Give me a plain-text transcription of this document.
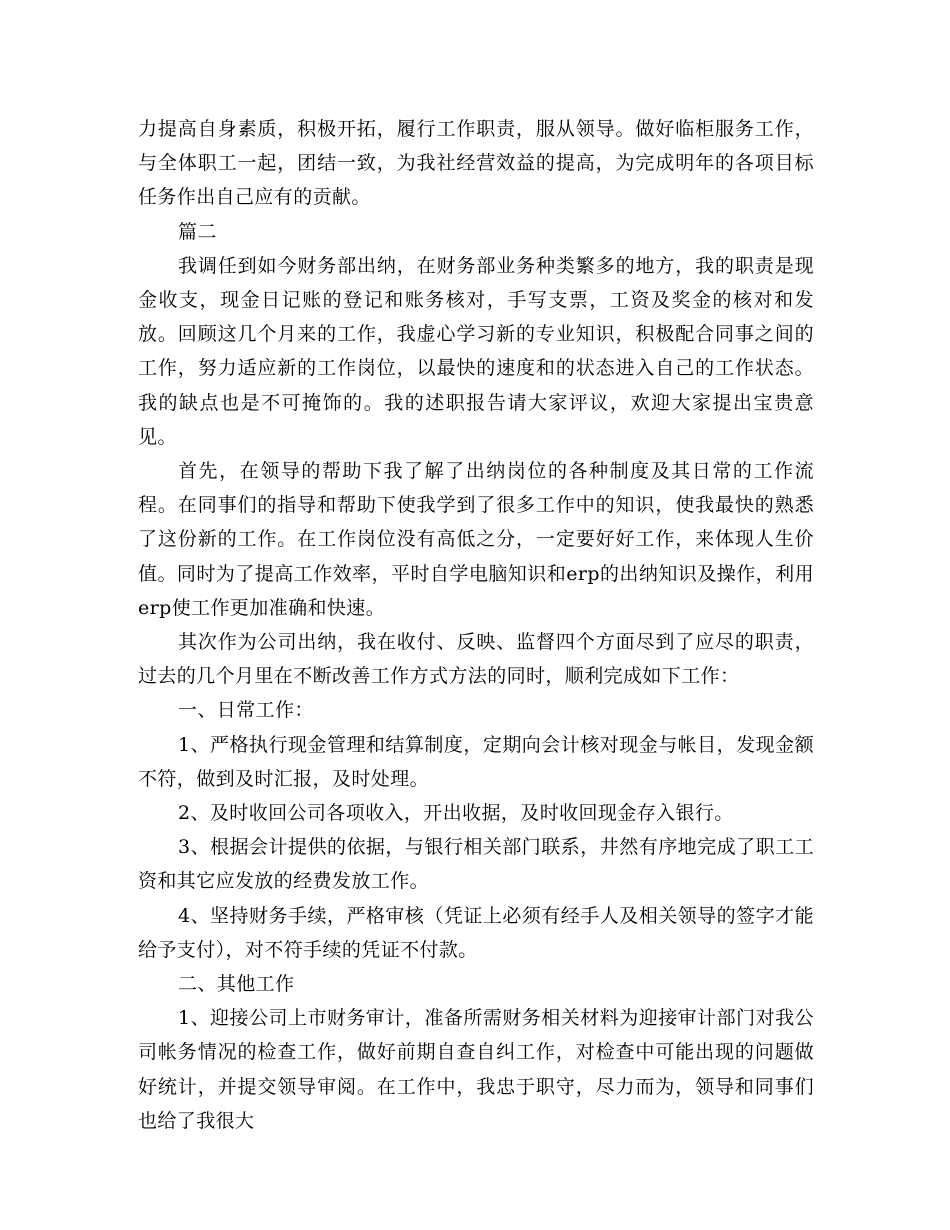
力提高自身素质，积极开拓，履行工作职责，服从领导。做好临柜服务工作，与全体职工一起，团结一致，为我社经营效益的提高，为完成明年的各项目标任务作出自己应有的贡献。

篇二

我调任到如今财务部出纳，在财务部业务种类繁多的地方，我的职责是现金收支，现金日记账的登记和账务核对，手写支票，工资及奖金的核对和发放。回顾这几个月来的工作，我虚心学习新的专业知识，积极配合同事之间的工作，努力适应新的工作岗位，以最快的速度和的状态进入自己的工作状态。我的缺点也是不可掩饰的。我的述职报告请大家评议，欢迎大家提出宝贵意见。

首先，在领导的帮助下我了解了出纳岗位的各种制度及其日常的工作流程。在同事们的指导和帮助下使我学到了很多工作中的知识，使我最快的熟悉了这份新的工作。在工作岗位没有高低之分，一定要好好工作，来体现人生价值。同时为了提高工作效率，平时自学电脑知识和erp的出纳知识及操作，利用erp使工作更加准确和快速。

其次作为公司出纳，我在收付、反映、监督四个方面尽到了应尽的职责，过去的几个月里在不断改善工作方式方法的同时，顺利完成如下工作：

一、日常工作：

1、严格执行现金管理和结算制度，定期向会计核对现金与帐目，发现金额不符，做到及时汇报，及时处理。

2、及时收回公司各项收入，开出收据，及时收回现金存入银行。

3、根据会计提供的依据，与银行相关部门联系，井然有序地完成了职工工资和其它应发放的经费发放工作。

4、坚持财务手续，严格审核（凭证上必须有经手人及相关领导的签字才能给予支付），对不符手续的凭证不付款。

二、其他工作

1、迎接公司上市财务审计，准备所需财务相关材料为迎接审计部门对我公司帐务情况的检查工作，做好前期自查自纠工作，对检查中可能出现的问题做好统计，并提交领导审阅。在工作中，我忠于职守，尽力而为，领导和同事们也给了我很大
